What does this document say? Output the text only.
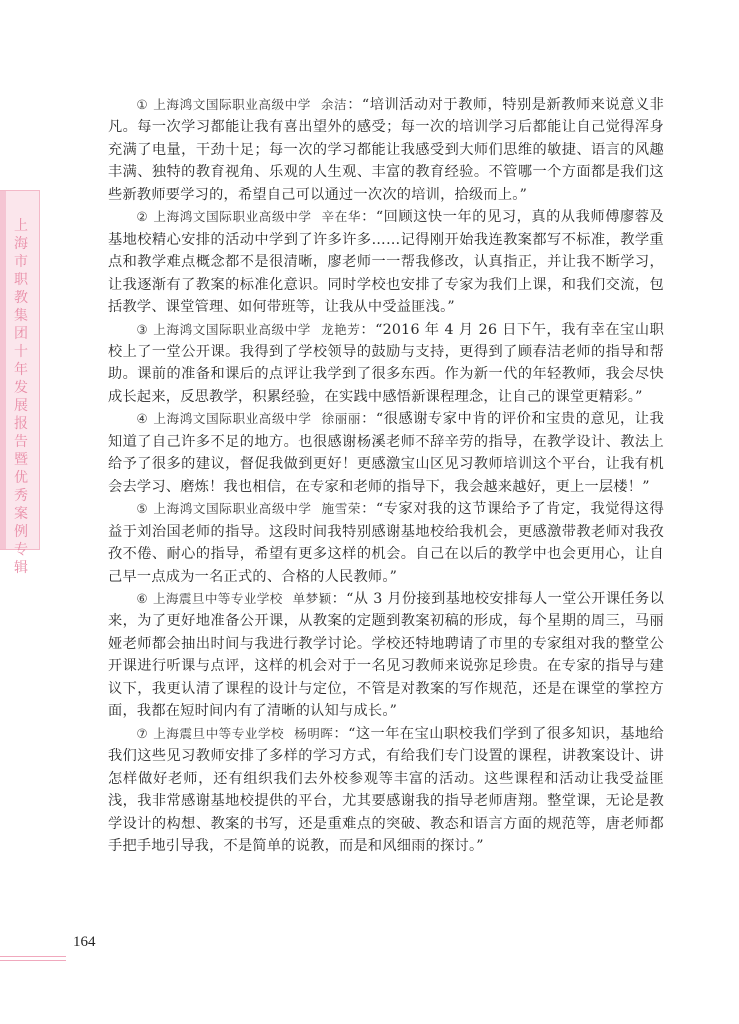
上海市职教集团十年发展报告暨优秀案例专辑

① 上海鸿文国际职业高级中学 余洁：“培训活动对于教师，特别是新教师来说意义非凡。每一次学习都能让我有喜出望外的感受；每一次的培训学习后都能让自己觉得浑身充满了电量，干劲十足；每一次的学习都能让我感受到大师们思维的敏捷、语言的风趣丰满、独特的教育视角、乐观的人生观、丰富的教育经验。不管哪一个方面都是我们这些新教师要学习的，希望自己可以通过一次次的培训，拾级而上。”

② 上海鸿文国际职业高级中学 辛在华：“回顾这快一年的见习，真的从我师傅廖蓉及基地校精心安排的活动中学到了许多许多……记得刚开始我连教案都写不标准，教学重点和教学难点概念都不是很清晰，廖老师一一帮我修改，认真指正，并让我不断学习，让我逐渐有了教案的标准化意识。同时学校也安排了专家为我们上课，和我们交流，包括教学、课堂管理、如何带班等，让我从中受益匪浅。”

③ 上海鸿文国际职业高级中学 龙艳芳：“2016 年 4 月 26 日下午，我有幸在宝山职校上了一堂公开课。我得到了学校领导的鼓励与支持，更得到了顾春洁老师的指导和帮助。课前的准备和课后的点评让我学到了很多东西。作为新一代的年轻教师，我会尽快成长起来，反思教学，积累经验，在实践中感悟新课程理念，让自己的课堂更精彩。”

④ 上海鸿文国际职业高级中学 徐丽丽：“很感谢专家中肯的评价和宝贵的意见，让我知道了自己许多不足的地方。也很感谢杨溪老师不辞辛劳的指导，在教学设计、教法上给予了很多的建议，督促我做到更好！更感激宝山区见习教师培训这个平台，让我有机会去学习、磨炼！我也相信，在专家和老师的指导下，我会越来越好，更上一层楼！”

⑤ 上海鸿文国际职业高级中学 施雪荣：“专家对我的这节课给予了肯定，我觉得这得益于刘治国老师的指导。这段时间我特别感谢基地校给我机会，更感激带教老师对我孜孜不倦、耐心的指导，希望有更多这样的机会。自己在以后的教学中也会更用心，让自己早一点成为一名正式的、合格的人民教师。”

⑥ 上海震旦中等专业学校 单梦颖：“从 3 月份接到基地校安排每人一堂公开课任务以来，为了更好地准备公开课，从教案的定题到教案初稿的形成，每个星期的周三，马丽娅老师都会抽出时间与我进行教学讨论。学校还特地聘请了市里的专家组对我的整堂公开课进行听课与点评，这样的机会对于一名见习教师来说弥足珍贵。在专家的指导与建议下，我更认清了课程的设计与定位，不管是对教案的写作规范，还是在课堂的掌控方面，我都在短时间内有了清晰的认知与成长。”

⑦ 上海震旦中等专业学校 杨明晖：“这一年在宝山职校我们学到了很多知识，基地给我们这些见习教师安排了多样的学习方式，有给我们专门设置的课程，讲教案设计、讲怎样做好老师，还有组织我们去外校参观等丰富的活动。这些课程和活动让我受益匪浅，我非常感谢基地校提供的平台，尤其要感谢我的指导老师唐翔。整堂课，无论是教学设计的构想、教案的书写，还是重难点的突破、教态和语言方面的规范等，唐老师都手把手地引导我，不是简单的说教，而是和风细雨的探讨。”

164
